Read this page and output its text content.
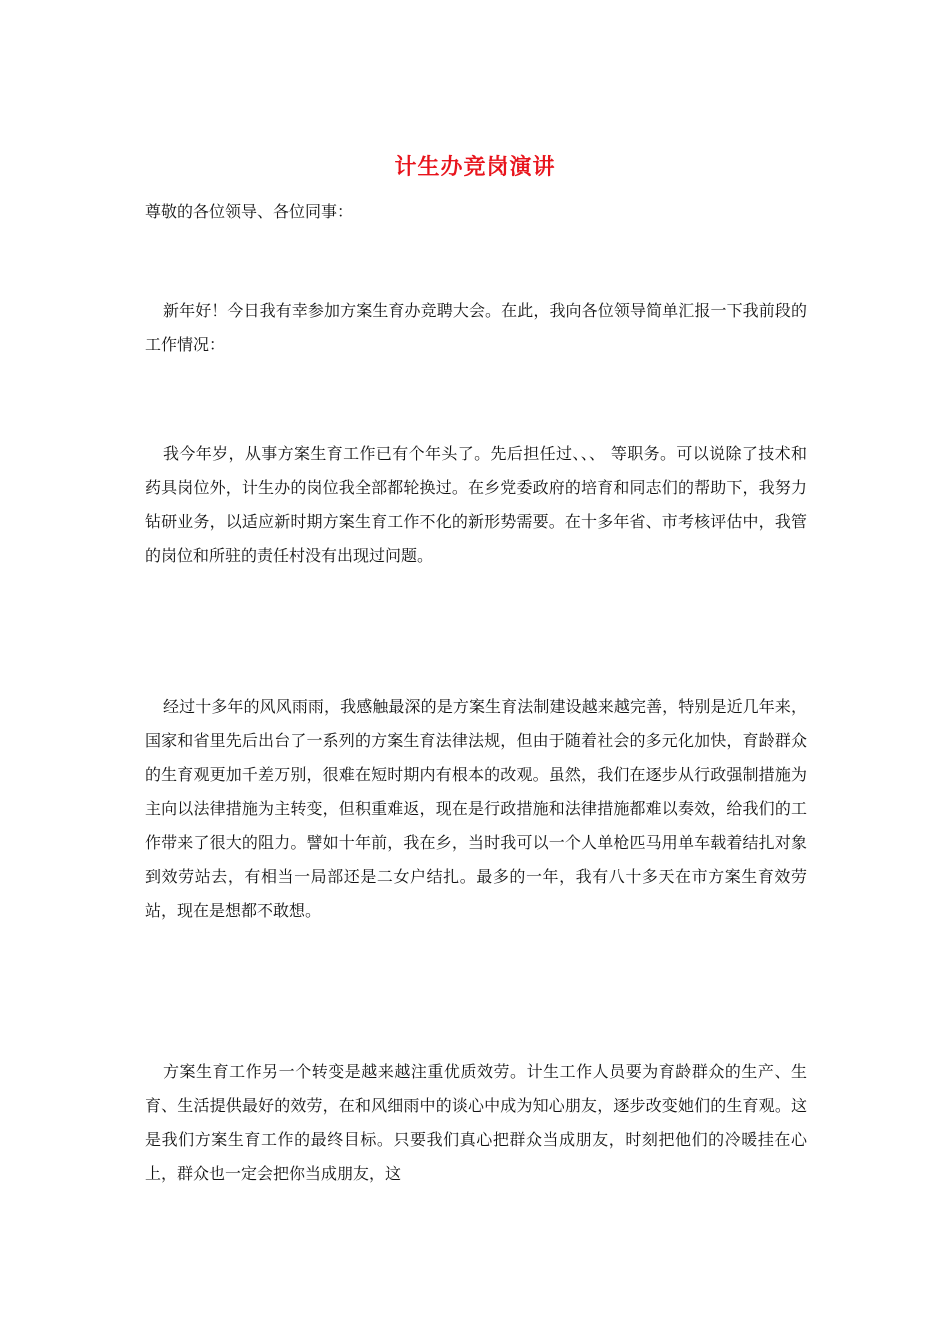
计生办竞岗演讲
尊敬的各位领导、各位同事：

新年好！今日我有幸参加方案生育办竞聘大会。在此，我向各位领导简单汇报一下我前段的工作情况：

我今年岁，从事方案生育工作已有个年头了。先后担任过、、、 等职务。可以说除了技术和药具岗位外，计生办的岗位我全部都轮换过。在乡党委政府的培育和同志们的帮助下，我努力钻研业务，以适应新时期方案生育工作不化的新形势需要。在十多年省、市考核评估中，我管的岗位和所驻的责任村没有出现过问题。

经过十多年的风风雨雨，我感触最深的是方案生育法制建设越来越完善，特别是近几年来，国家和省里先后出台了一系列的方案生育法律法规，但由于随着社会的多元化加快，育龄群众的生育观更加千差万别，很难在短时期内有根本的改观。虽然，我们在逐步从行政强制措施为主向以法律措施为主转变，但积重难返，现在是行政措施和法律措施都难以奏效，给我们的工作带来了很大的阻力。譬如十年前，我在乡，当时我可以一个人单枪匹马用单车载着结扎对象到效劳站去，有相当一局部还是二女户结扎。最多的一年，我有八十多天在市方案生育效劳站，现在是想都不敢想。

方案生育工作另一个转变是越来越注重优质效劳。计生工作人员要为育龄群众的生产、生育、生活提供最好的效劳，在和风细雨中的谈心中成为知心朋友，逐步改变她们的生育观。这是我们方案生育工作的最终目标。只要我们真心把群众当成朋友，时刻把他们的冷暖挂在心上，群众也一定会把你当成朋友，这
